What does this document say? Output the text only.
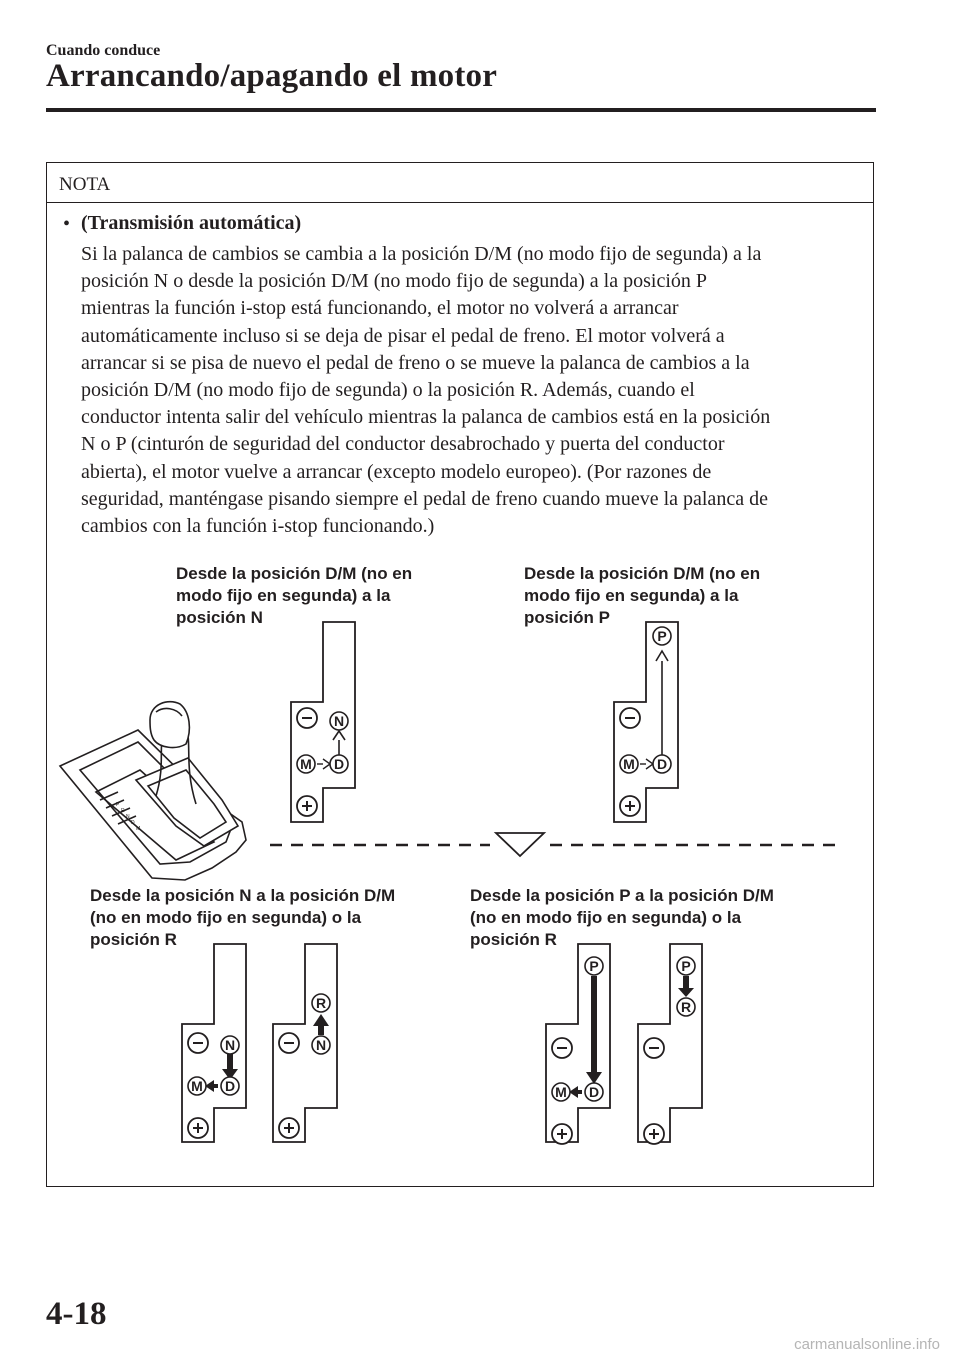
Cuando conduce
Arrancando/apagando el motor
NOTA
• (Transmisión automática)
Si la palanca de cambios se cambia a la posición D/M (no modo fijo de segunda) a la
posición N o desde la posición D/M (no modo fijo de segunda) a la posición P
mientras la función i-stop está funcionando, el motor no volverá a arrancar
automáticamente incluso si se deja de pisar el pedal de freno. El motor volverá a
arrancar si se pisa de nuevo el pedal de freno o se mueve la palanca de cambios a la
posición D/M (no modo fijo de segunda) o la posición R. Además, cuando el
conductor intenta salir del vehículo mientras la palanca de cambios está en la posición
N o P (cinturón de seguridad del conductor desabrochado y puerta del conductor
abierta), el motor vuelve a arrancar (excepto modelo europeo). (Por razones de
seguridad, manténgase pisando siempre el pedal de freno cuando mueve la palanca de
cambios con la función i-stop funcionando.)
Desde la posición D/M (no en
modo fijo en segunda) a la
posición N
Desde la posición D/M (no en
modo fijo en segunda) a la
posición P
Desde la posición N a la posición D/M
(no en modo fijo en segunda) o la
posición R
Desde la posición P a la posición D/M
(no en modo fijo en segunda) o la
posición R
P
R
N
D
M
N
M D
P
M D
N
M D
R
N
P
M D
P
R
4-18
carmanualsonline.info
